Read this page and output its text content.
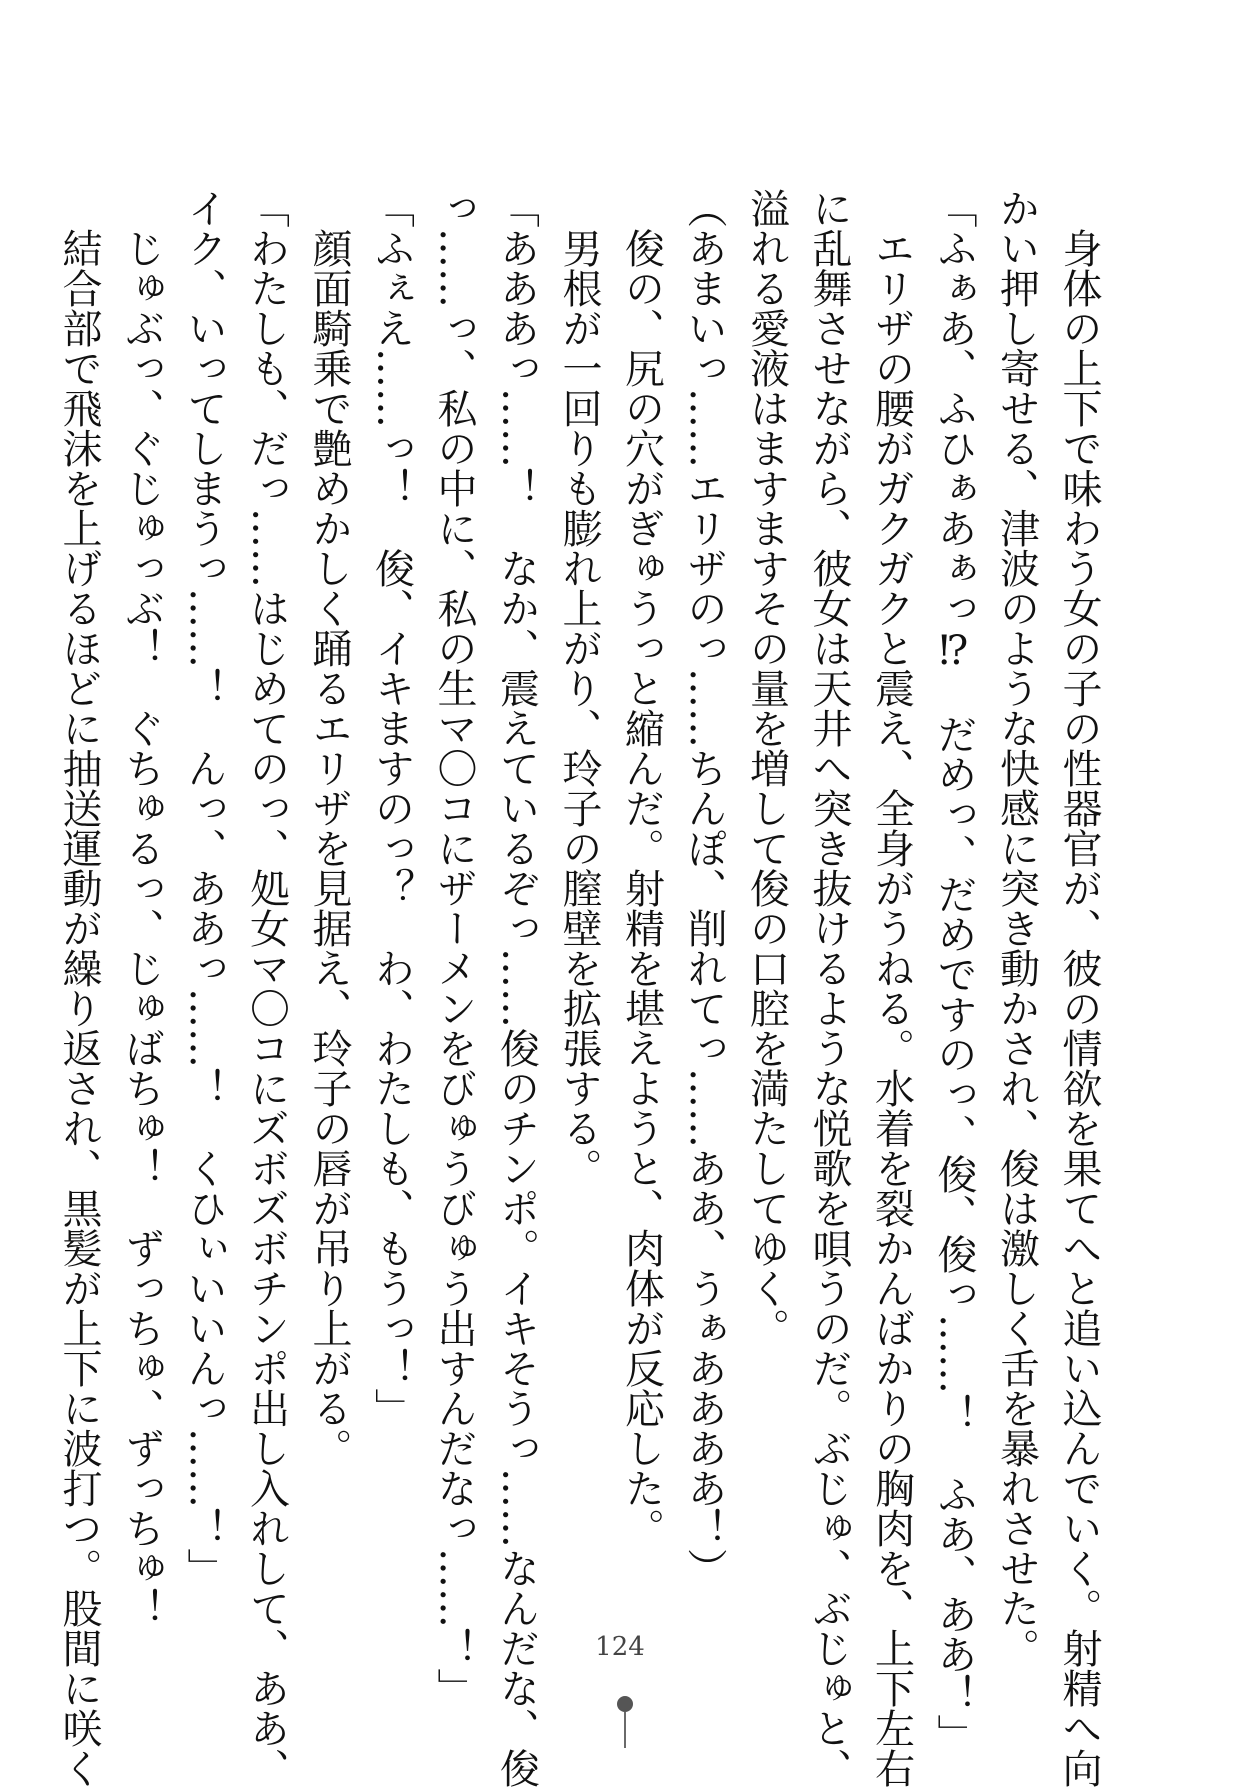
　身体の上下で味わう女の子の性器官が、彼の情欲を果てへと追い込んでいく。射精へ向
かい押し寄せる、津波のような快感に突き動かされ、俊は激しく舌を暴れさせた。
「ふぁあ、ふひぁあぁっ⁉　だめっ、だめですのっ、俊、俊っ……！　ふあ、ああ！」
　エリザの腰がガクガクと震え、全身がうねる。水着を裂かんばかりの胸肉を、上下左右
に乱舞させながら、彼女は天井へ突き抜けるような悦歌を唄うのだ。ぶじゅ、ぶじゅと、
溢れる愛液はますますその量を増して俊の口腔を満たしてゆく。
（あまいっ……エリザのっ……ちんぽ、削れてっ……ああ、うぁああああ！）
　俊の、尻の穴がぎゅうっと縮んだ。射精を堪えようと、肉体が反応した。
　男根が一回りも膨れ上がり、玲子の膣壁を拡張する。
「あああっ……！　なか、震えているぞっ……俊のチンポ。イキそうっ……なんだな、俊
っ……っ、私の中に、私の生マ〇コにザーメンをびゅうびゅう出すんだなっ……！」
「ふぇえ……っ！　俊、イキますのっ？　わ、わたしも、もうっ！」
　顔面騎乗で艶めかしく踊るエリザを見据え、玲子の唇が吊り上がる。
「わたしも、だっ……はじめてのっ、処女マ〇コにズボズボチンポ出し入れして、ああ、
イク、いってしまうっ……！　んっ、ああっ……！　くひぃいいんっ……！」
　じゅぶっ、ぐじゅっぶ！　ぐちゅるっ、じゅばちゅ！　ずっちゅ、ずっちゅ！
　結合部で飛沫を上げるほどに抽送運動が繰り返され、黒髪が上下に波打つ。股間に咲く	124
